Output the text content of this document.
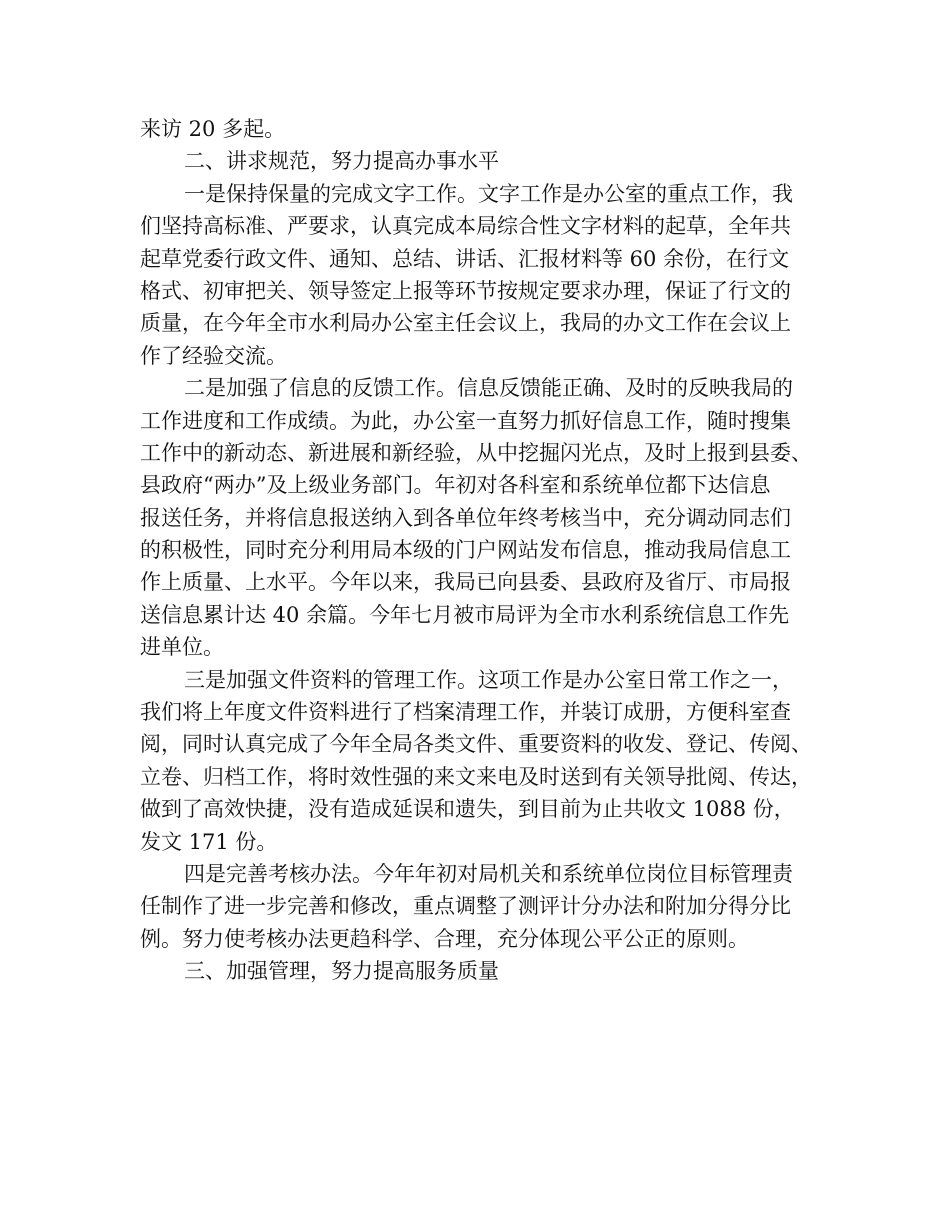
来访 20 多起。
二、讲求规范，努力提高办事水平
一是保持保量的完成文字工作。文字工作是办公室的重点工作，我
们坚持高标准、严要求，认真完成本局综合性文字材料的起草，全年共
起草党委行政文件、通知、总结、讲话、汇报材料等 60 余份，在行文
格式、初审把关、领导签定上报等环节按规定要求办理，保证了行文的
质量，在今年全市水利局办公室主任会议上，我局的办文工作在会议上
作了经验交流。
二是加强了信息的反馈工作。信息反馈能正确、及时的反映我局的
工作进度和工作成绩。为此，办公室一直努力抓好信息工作，随时搜集
工作中的新动态、新进展和新经验，从中挖掘闪光点，及时上报到县委、
县政府“两办”及上级业务部门。年初对各科室和系统单位都下达信息
报送任务，并将信息报送纳入到各单位年终考核当中，充分调动同志们
的积极性，同时充分利用局本级的门户网站发布信息，推动我局信息工
作上质量、上水平。今年以来，我局已向县委、县政府及省厅、市局报
送信息累计达 40 余篇。今年七月被市局评为全市水利系统信息工作先
进单位。
三是加强文件资料的管理工作。这项工作是办公室日常工作之一，
我们将上年度文件资料进行了档案清理工作，并装订成册，方便科室查
阅，同时认真完成了今年全局各类文件、重要资料的收发、登记、传阅、
立卷、归档工作，将时效性强的来文来电及时送到有关领导批阅、传达，
做到了高效快捷，没有造成延误和遗失，到目前为止共收文 1088 份，
发文 171 份。
四是完善考核办法。今年年初对局机关和系统单位岗位目标管理责
任制作了进一步完善和修改，重点调整了测评计分办法和附加分得分比
例。努力使考核办法更趋科学、合理，充分体现公平公正的原则。
三、加强管理，努力提高服务质量
